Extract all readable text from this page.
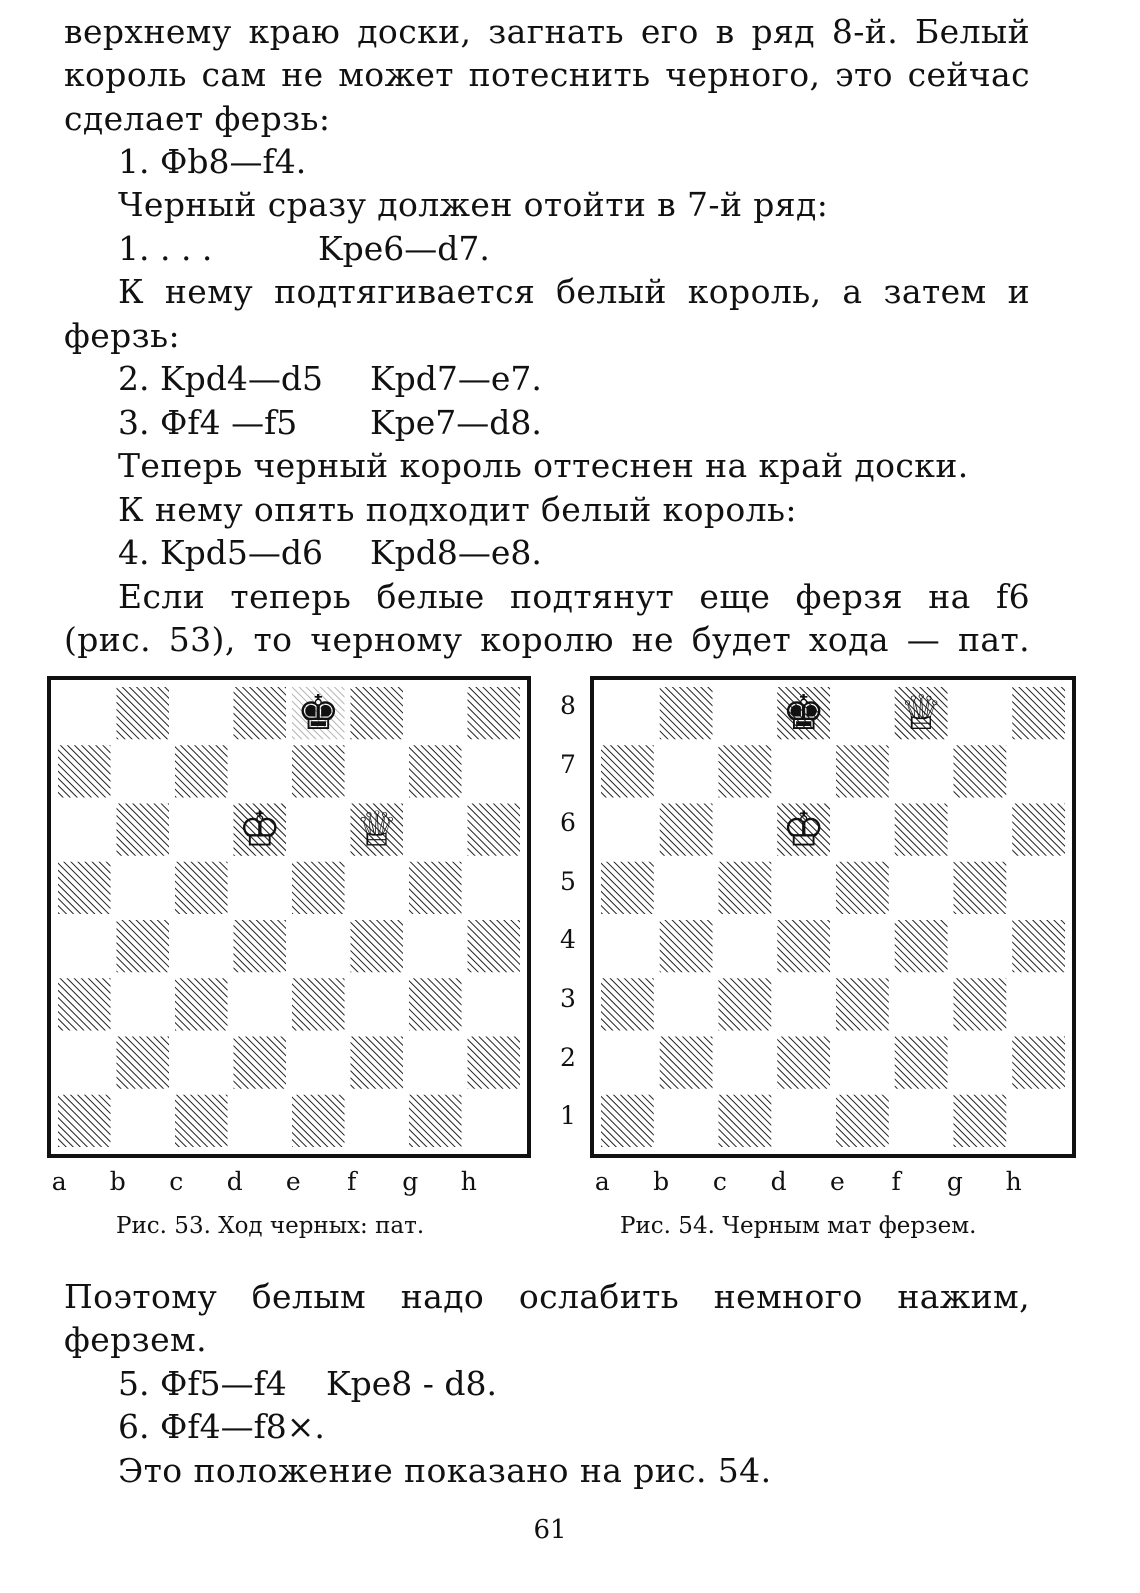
верхнему краю доски, загнать его в ряд 8-й. Белый
король сам не может потеснить черного, это сейчас
сделает ферзь:
1. Фb8—f4.
Черный сразу должен отойти в 7-й ряд:
1. . . .	Kpe6—d7.
К нему подтягивается белый король, а затем и
ферзь:
2. Kpd4—d5 Kpd7—e7.
3. Фf4 —f5 Kpe7—d8.
Теперь черный король оттеснен на край доски.
К нему опять подходит белый король:
4. Kpd5—d6 Kpd8—e8.
Если теперь белые подтянут еще ферзя на f6
(рис. 53), то черному королю не будет хода — пат.
♚
♔ ♕
♚ ♕
♔
8
7
6
5
4
3
2
1
a	b	c	d	e	f	g	h	a	b	c	d	e	f	g	h
Рис. 53. Ход черных: пат.	Рис. 54. Черным мат ферзем.
Поэтому белым надо ослабить немного нажим,
ферзем.
5. Фf5—f4 Kpe8 - d8.
6. Фf4—f8×.
Это положение показано на рис. 54.
61
